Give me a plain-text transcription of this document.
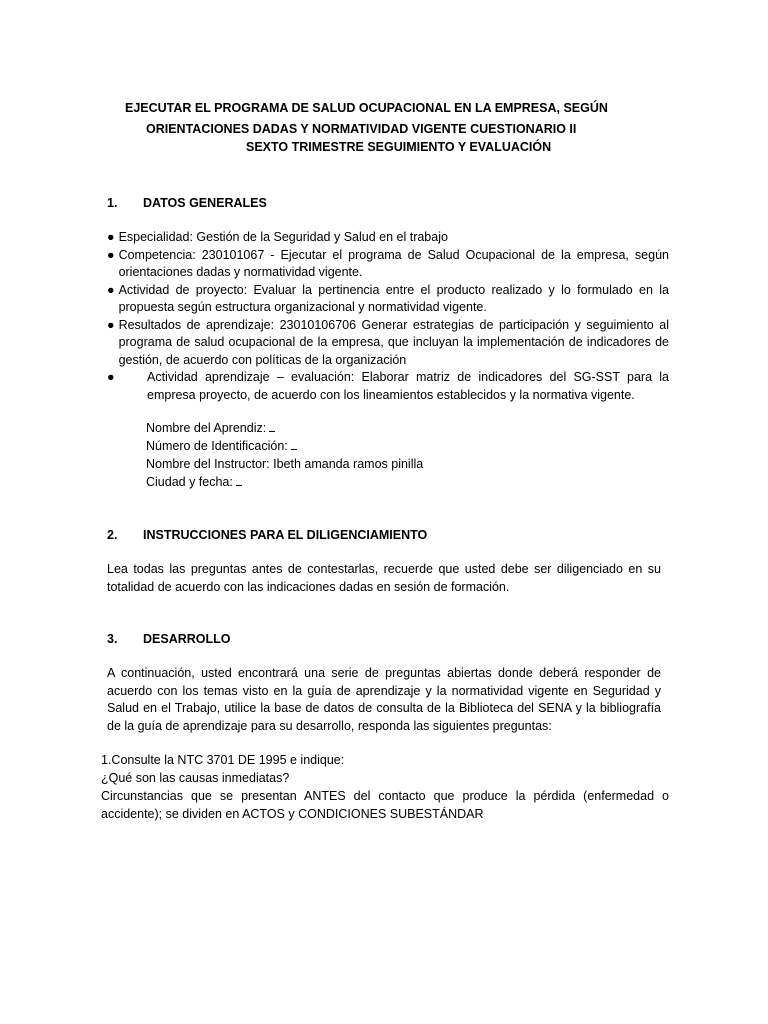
EJECUTAR EL PROGRAMA DE SALUD OCUPACIONAL EN LA EMPRESA, SEGÚN
ORIENTACIONES DADAS Y NORMATIVIDAD VIGENTE CUESTIONARIO II
SEXTO TRIMESTRE SEGUIMIENTO Y EVALUACIÓN
1. DATOS GENERALES
● Especialidad: Gestión de la Seguridad y Salud en el trabajo
● Competencia: 230101067 - Ejecutar el programa de Salud Ocupacional de la empresa, según orientaciones dadas y normatividad vigente.
● Actividad de proyecto: Evaluar la pertinencia entre el producto realizado y lo formulado en la propuesta según estructura organizacional y normatividad vigente.
● Resultados de aprendizaje: 23010106706 Generar estrategias de participación y seguimiento al programa de salud ocupacional de la empresa, que incluyan la implementación de indicadores de gestión, de acuerdo con políticas de la organización
●	Actividad aprendizaje – evaluación: Elaborar matriz de indicadores del SG-SST para la empresa proyecto, de acuerdo con los lineamientos establecidos y la normativa vigente.
Nombre del Aprendiz:
Número de Identificación:
Nombre del Instructor: Ibeth amanda ramos pinilla
Ciudad y fecha:
2. INSTRUCCIONES PARA EL DILIGENCIAMIENTO
Lea todas las preguntas antes de contestarlas, recuerde que usted debe ser diligenciado en su totalidad de acuerdo con las indicaciones dadas en sesión de formación.
3. DESARROLLO
A continuación, usted encontrará una serie de preguntas abiertas donde deberá responder de acuerdo con los temas visto en la guía de aprendizaje y la normatividad vigente en Seguridad y Salud en el Trabajo, utilice la base de datos de consulta de la Biblioteca del SENA y la bibliografía de la guía de aprendizaje para su desarrollo, responda las siguientes preguntas:
1.Consulte la NTC 3701 DE 1995 e indique:
¿Qué son las causas inmediatas?
Circunstancias que se presentan ANTES del contacto que produce la pérdida (enfermedad o accidente); se dividen en ACTOS y CONDICIONES SUBESTÁNDAR
